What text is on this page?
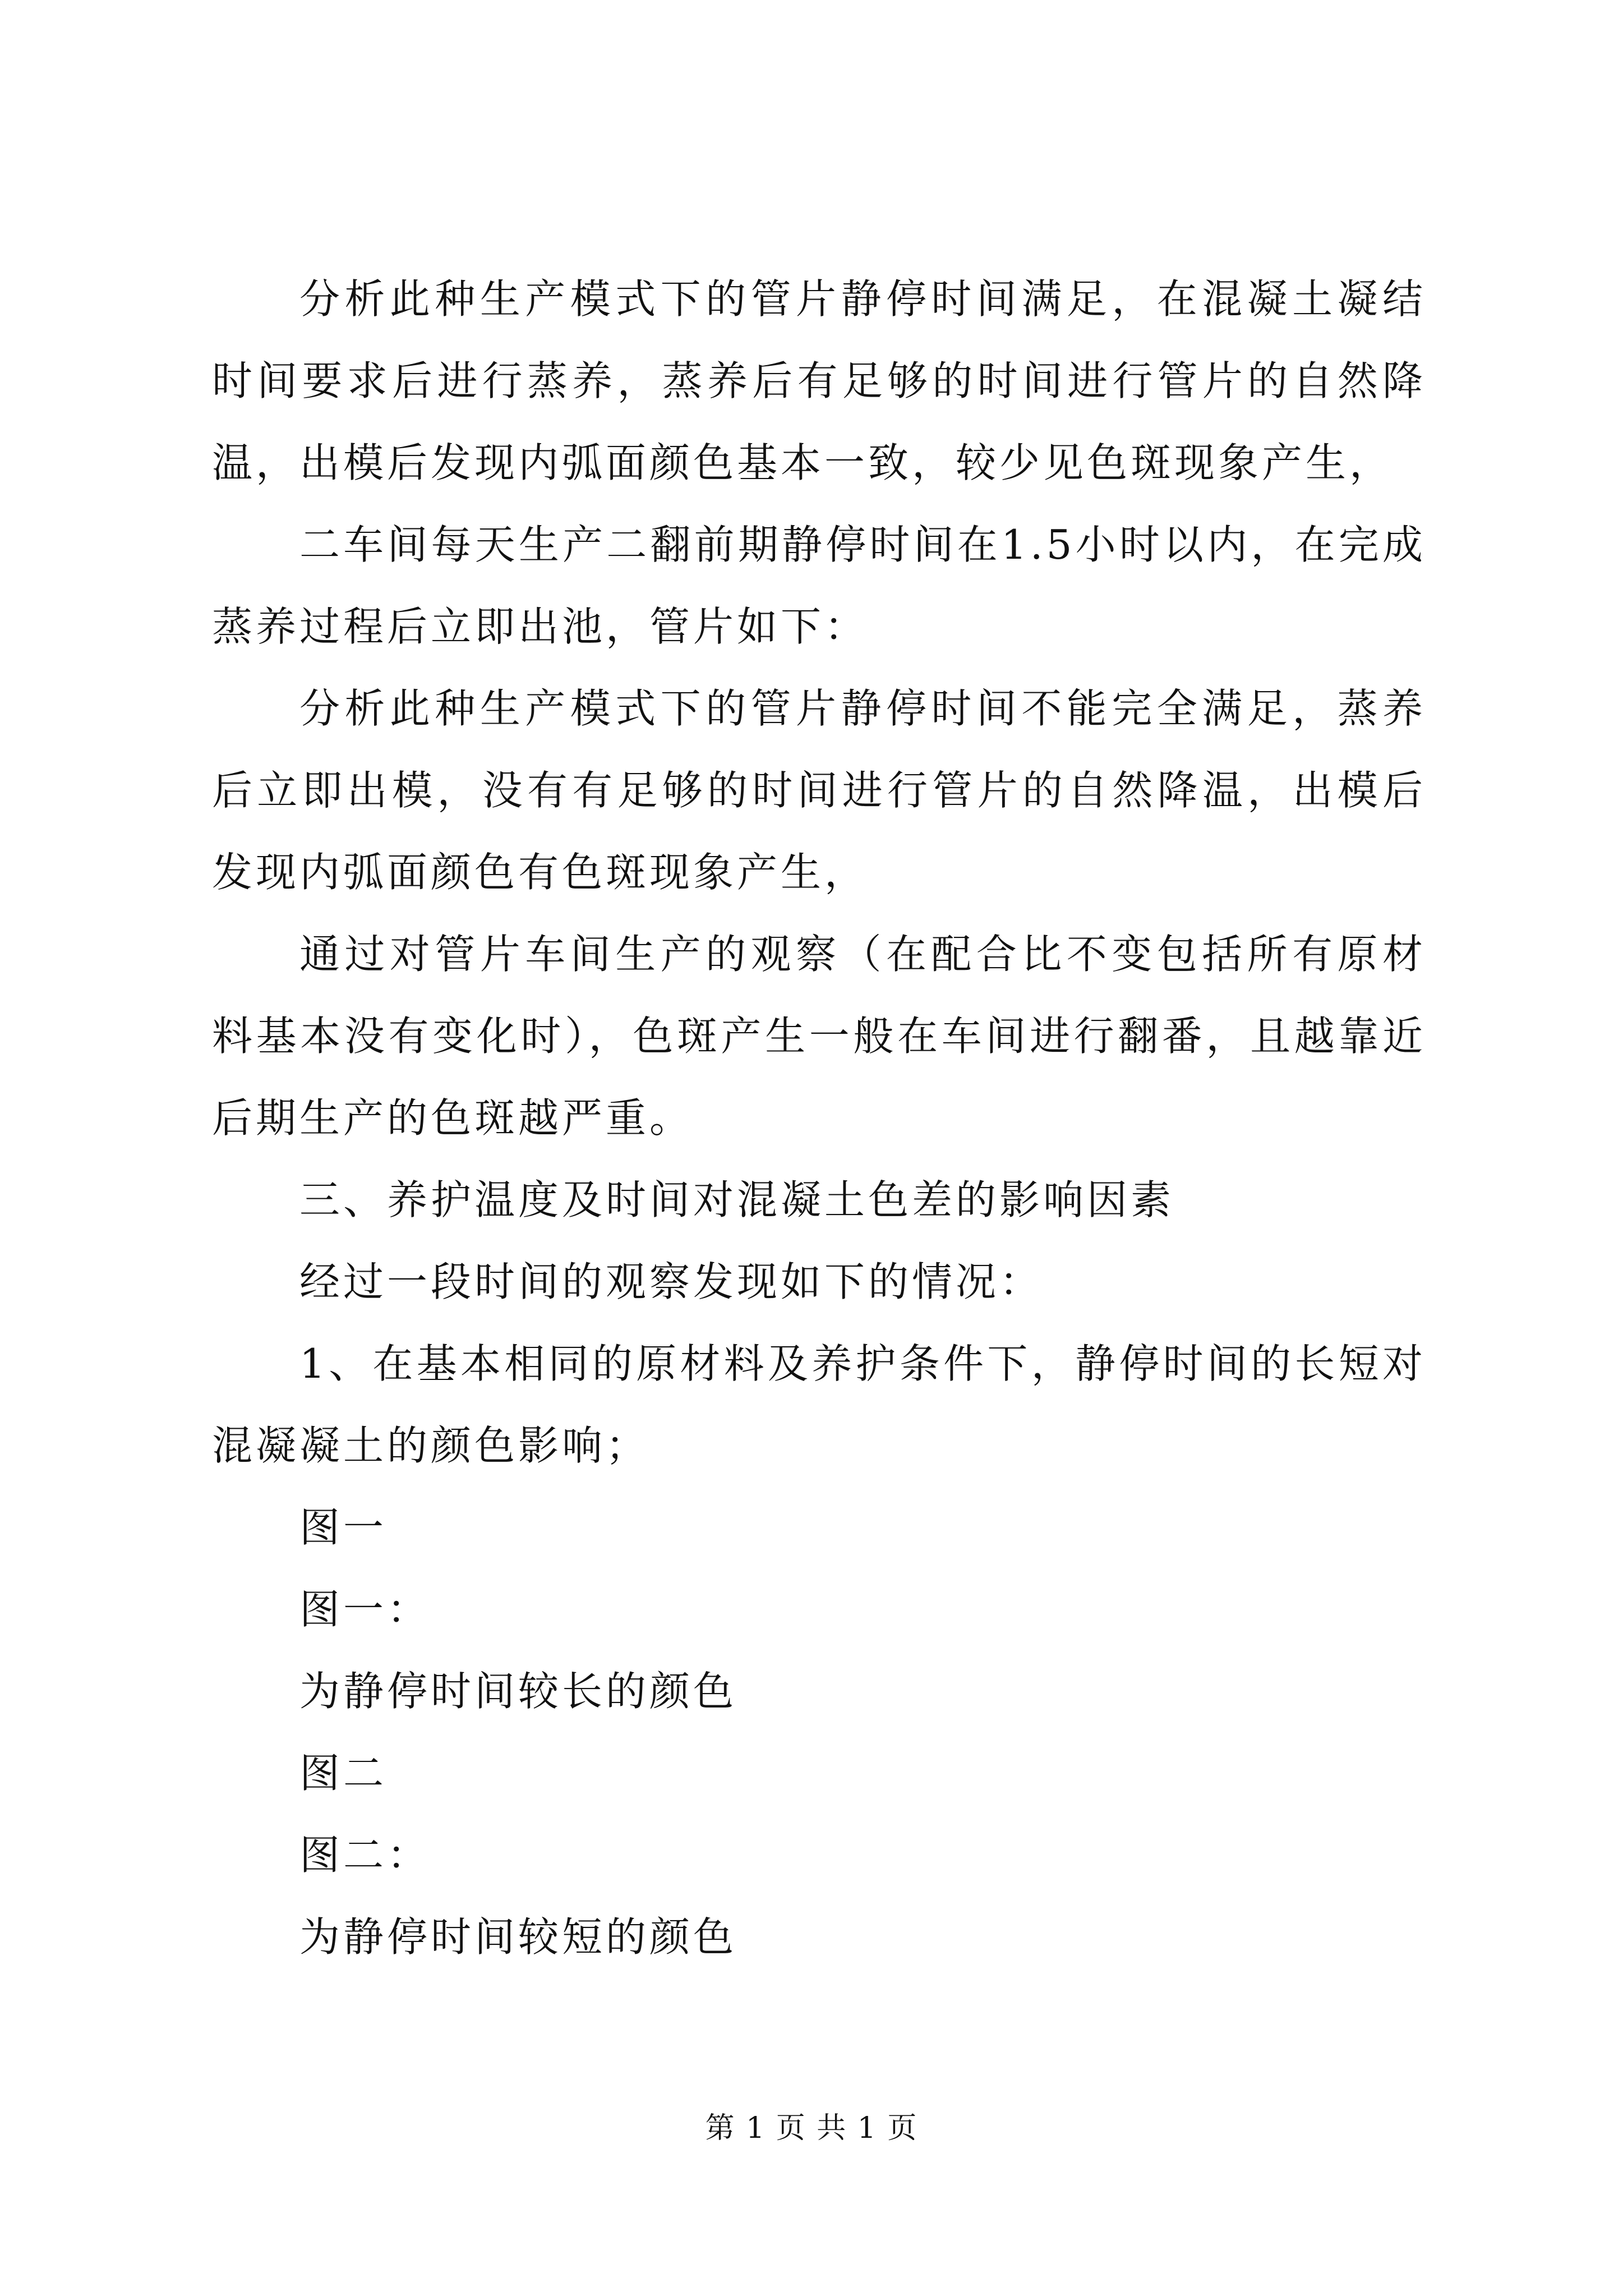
分析此种生产模式下的管片静停时间满足，在混凝土凝结时间要求后进行蒸养，蒸养后有足够的时间进行管片的自然降温，出模后发现内弧面颜色基本一致，较少见色斑现象产生，

二车间每天生产二翻前期静停时间在1.5小时以内，在完成蒸养过程后立即出池，管片如下：

分析此种生产模式下的管片静停时间不能完全满足，蒸养后立即出模，没有有足够的时间进行管片的自然降温，出模后发现内弧面颜色有色斑现象产生，

通过对管片车间生产的观察（在配合比不变包括所有原材料基本没有变化时），色斑产生一般在车间进行翻番，且越靠近后期生产的色斑越严重。

三、养护温度及时间对混凝土色差的影响因素

经过一段时间的观察发现如下的情况：

1、在基本相同的原材料及养护条件下，静停时间的长短对混凝凝土的颜色影响；

图一

图一：

为静停时间较长的颜色

图二

图二：

为静停时间较短的颜色

第 1 页 共 1 页
